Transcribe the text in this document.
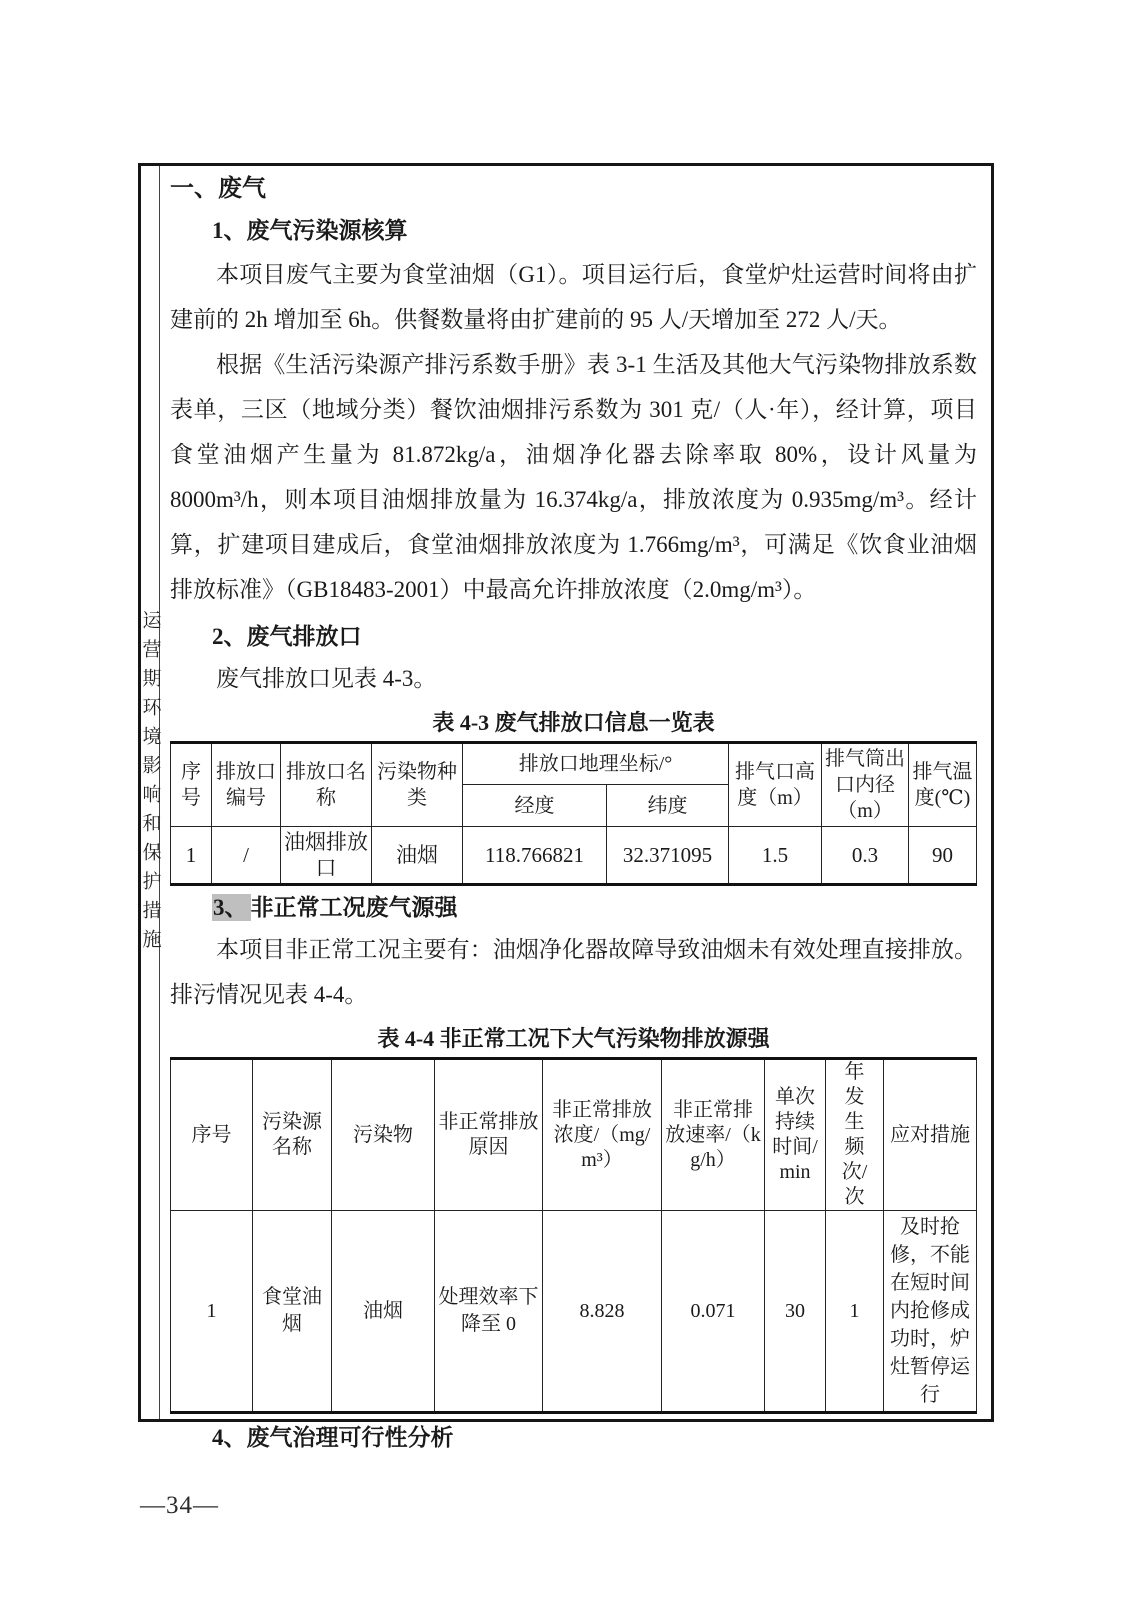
运营期环境影响和保护措施
一、废气
1、废气污染源核算

本项目废气主要为食堂油烟（G1）。项目运行后，食堂炉灶运营时间将由扩建前的 2h 增加至 6h。供餐数量将由扩建前的 95 人/天增加至 272 人/天。

根据《生活污染源产排污系数手册》表 3-1 生活及其他大气污染物排放系数表单，三区（地域分类）餐饮油烟排污系数为 301 克/（人·年），经计算，项目食堂油烟产生量为 81.872kg/a，油烟净化器去除率取 80%，设计风量为 8000m³/h，则本项目油烟排放量为 16.374kg/a，排放浓度为 0.935mg/m³。经计算，扩建项目建成后，食堂油烟排放浓度为 1.766mg/m³，可满足《饮食业油烟排放标准》（GB18483-2001）中最高允许排放浓度（2.0mg/m³）。

2、废气排放口

废气排放口见表 4-3。

表 4-3 废气排放口信息一览表
序号	排放口编号	排放口名称	污染物种类	排放口地理坐标/°		排气口高度（m）	排气筒出口内径（m）	排气温度(℃)
				经度	纬度			
1	/	油烟排放口	油烟	118.766821	32.371095	1.5	0.3	90
3、 非正常工况废气源强

本项目非正常工况主要有：油烟净化器故障导致油烟未有效处理直接排放。排污情况见表 4-4。

表 4-4 非正常工况下大气污染物排放源强
序号	污染源名称	污染物	非正常排放原因	非正常排放浓度/（mg/m³）	非正常排放速率/（kg/h）	单次持续时间/min	年发生频次/次	应对措施
1	食堂油烟	油烟	处理效率下降至 0	8.828	0.071	30	1	及时抢修，不能在短时间内抢修成功时，炉灶暂停运行
4、废气治理可行性分析
—34—
